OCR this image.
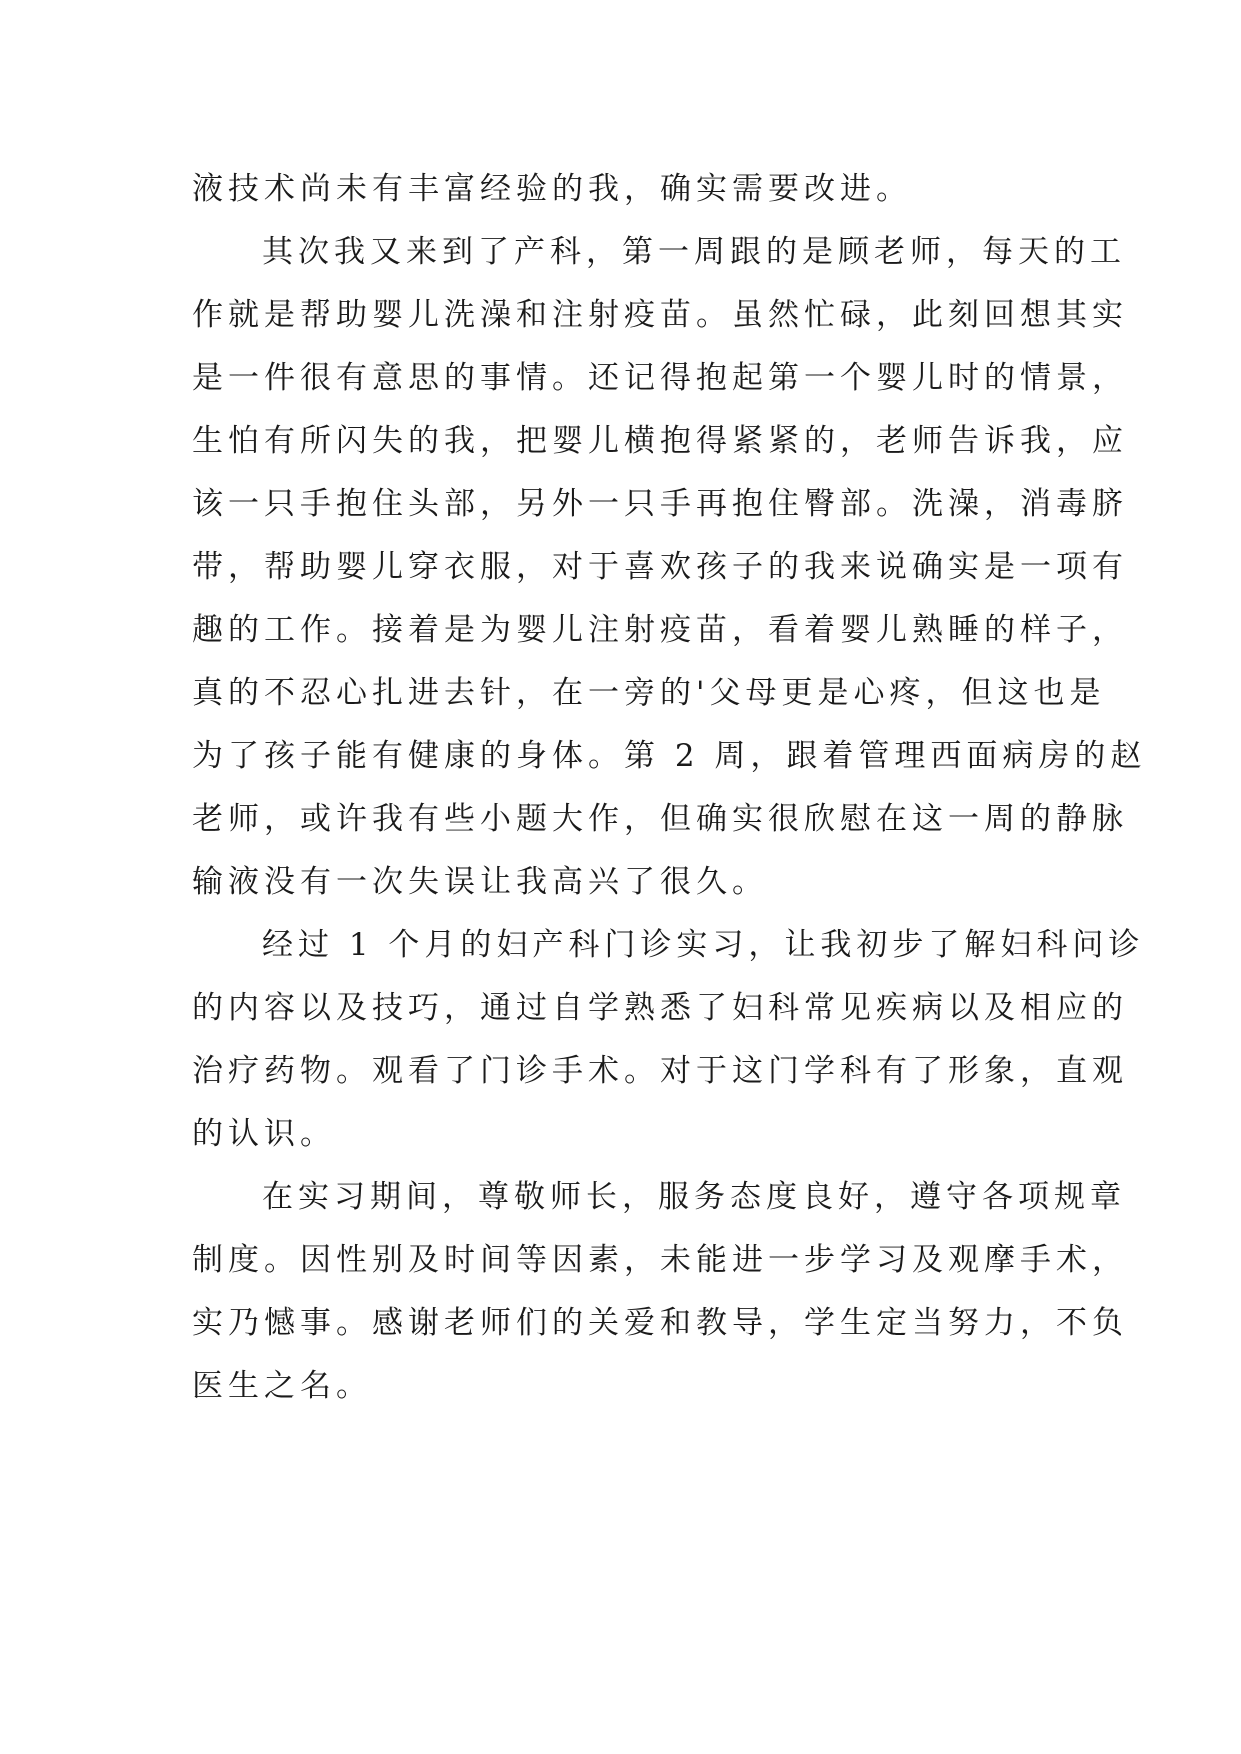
液技术尚未有丰富经验的我，确实需要改进。
其次我又来到了产科，第一周跟的是顾老师，每天的工
作就是帮助婴儿洗澡和注射疫苗。虽然忙碌，此刻回想其实
是一件很有意思的事情。还记得抱起第一个婴儿时的情景，
生怕有所闪失的我，把婴儿横抱得紧紧的，老师告诉我，应
该一只手抱住头部，另外一只手再抱住臀部。洗澡，消毒脐
带，帮助婴儿穿衣服，对于喜欢孩子的我来说确实是一项有
趣的工作。接着是为婴儿注射疫苗，看着婴儿熟睡的样子，
真的不忍心扎进去针，在一旁的'父母更是心疼，但这也是
为了孩子能有健康的身体。第 2 周，跟着管理西面病房的赵
老师，或许我有些小题大作，但确实很欣慰在这一周的静脉
输液没有一次失误让我高兴了很久。
经过 1 个月的妇产科门诊实习，让我初步了解妇科问诊
的内容以及技巧，通过自学熟悉了妇科常见疾病以及相应的
治疗药物。观看了门诊手术。对于这门学科有了形象，直观
的认识。
在实习期间，尊敬师长，服务态度良好，遵守各项规章
制度。因性别及时间等因素，未能进一步学习及观摩手术，
实乃憾事。感谢老师们的关爱和教导，学生定当努力，不负
医生之名。
